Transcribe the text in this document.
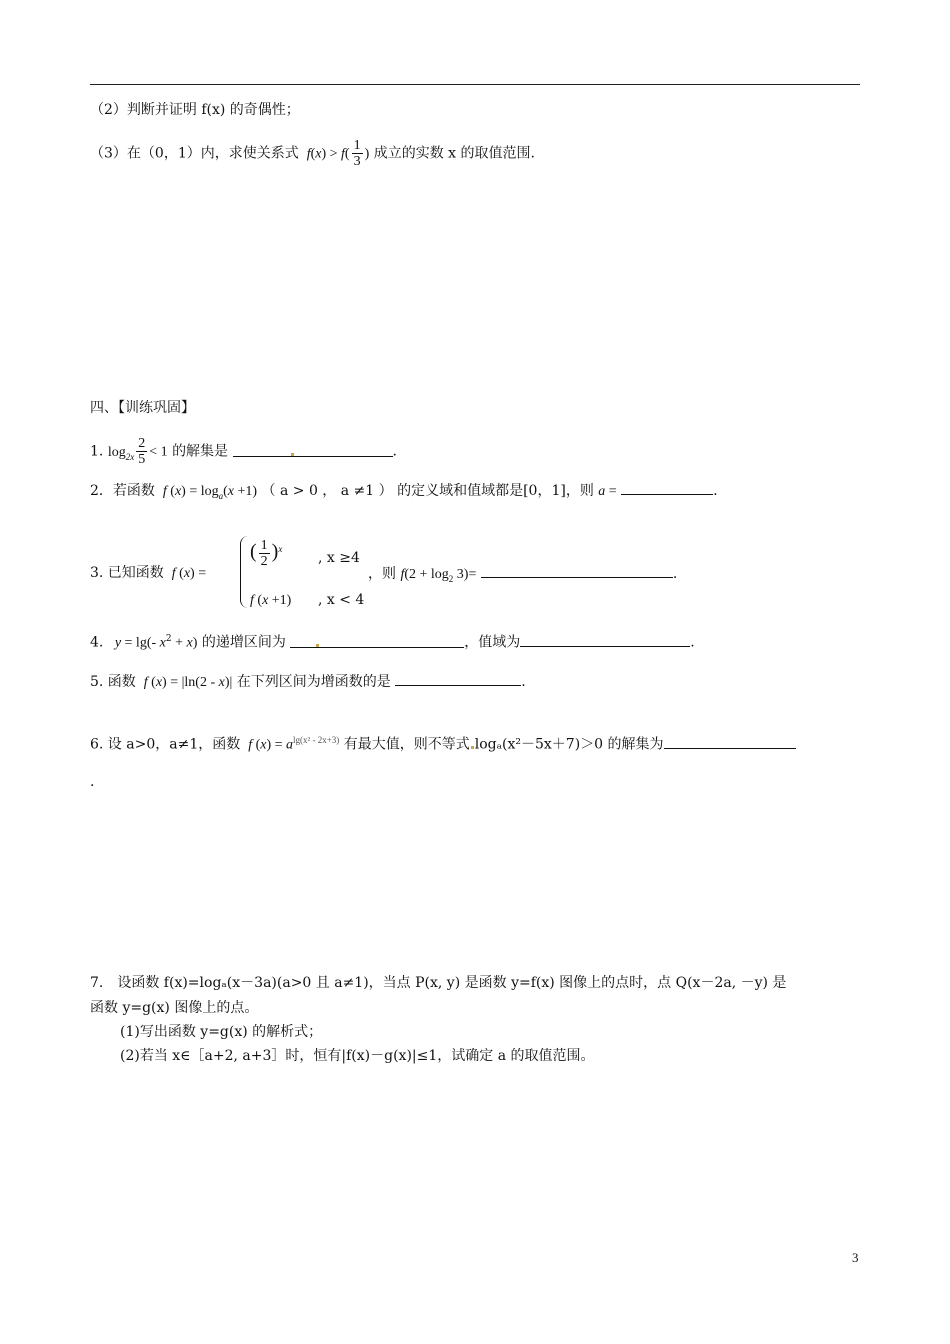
（2）判断并证明 f(x) 的奇偶性；
（3）在（0，1）内，求使关系式  $f(x) > f( \frac{1}{3}$ ) 成立的实数 x 的取值范围.
四、【训练巩固】
1. $\log_{2x} \frac{2}{5} < 1$ 的解集是	.
2．若函数  f $(x) = \log_a(x +1)$ （ a > 0 ， a ≠1 ） 的定义域和值域都是[0，1]，则 a =	.
3. 已知函数  f (x) =
( $\frac{1}{2} )^x$
, x ≥4
f (x +1) , x < 4
，则 $f(2 + \log_2 3)=$	.
4.   y = lg(- $x^2 + x$) 的递增区间为	，值域为	.
5. 函数  f (x) = |ln(2 - x)| 在下列区间为增函数的是	.
6. 设 a>0，a≠1，函数  f $(x) = a^{lg(x^2 - 2x+3)}$ 有最大值，则不等式 logₐ(x²－5x＋7)＞0 的解集为
.
7.　设函数 f(x)=logₐ(x－3a)(a>0 且 a≠1)，当点 P(x, y) 是函数 y=f(x) 图像上的点时，点 Q(x－2a, －y) 是
函数 y=g(x) 图像上的点。
(1)写出函数 y=g(x) 的解析式；
(2)若当 x∈［a+2, a+3］时，恒有|f(x)－g(x)|≤1，试确定 a 的取值范围。
3
